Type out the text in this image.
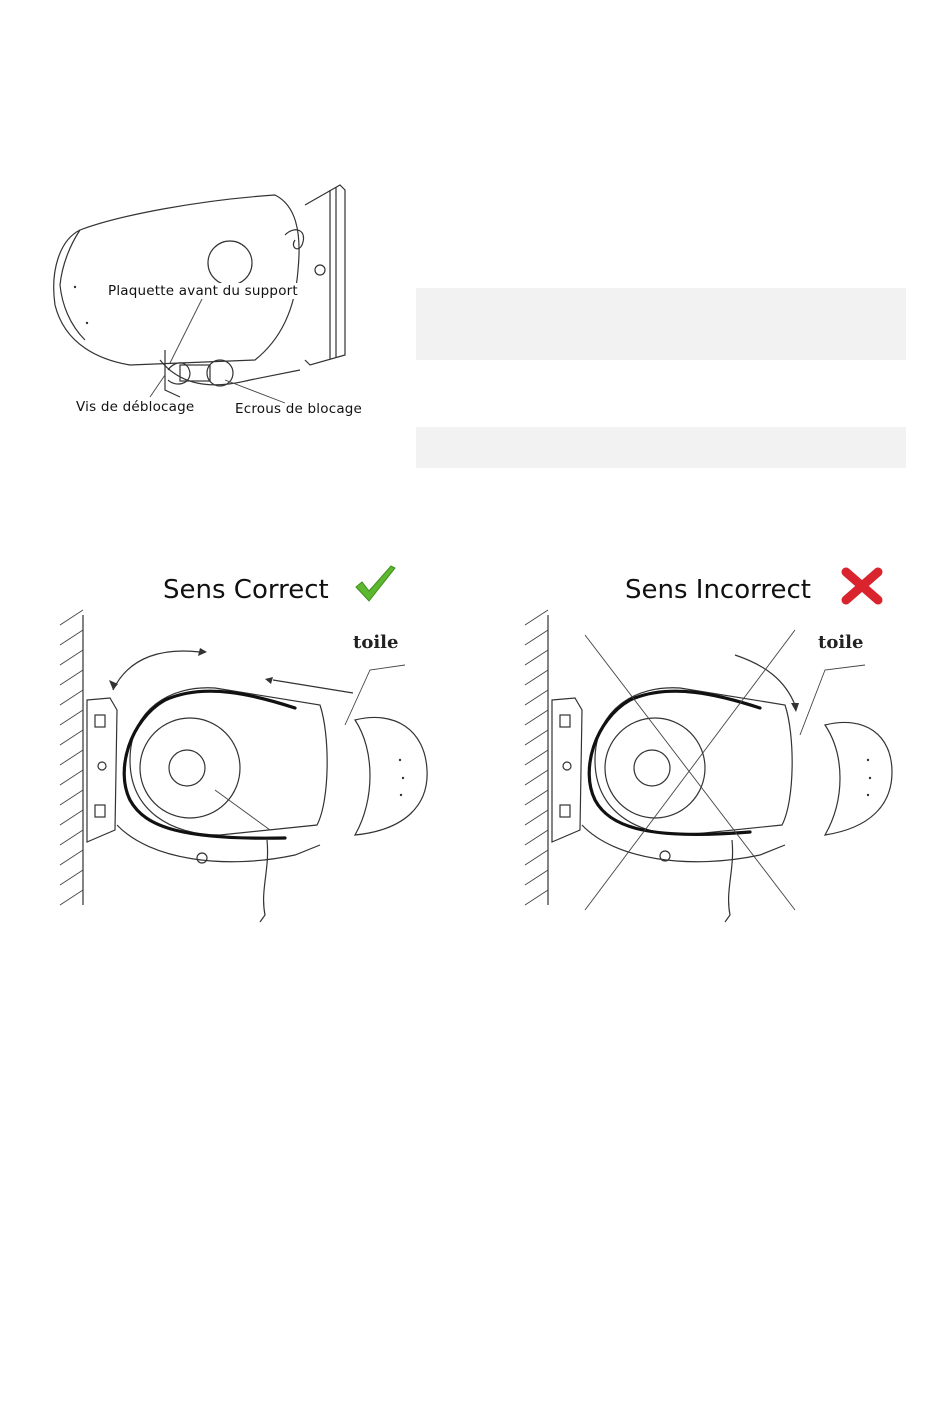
Plaquette avant du support
Vis de déblocage	Ecrous de blocage
Sens Correct
toile
Sens Incorrect
toile
